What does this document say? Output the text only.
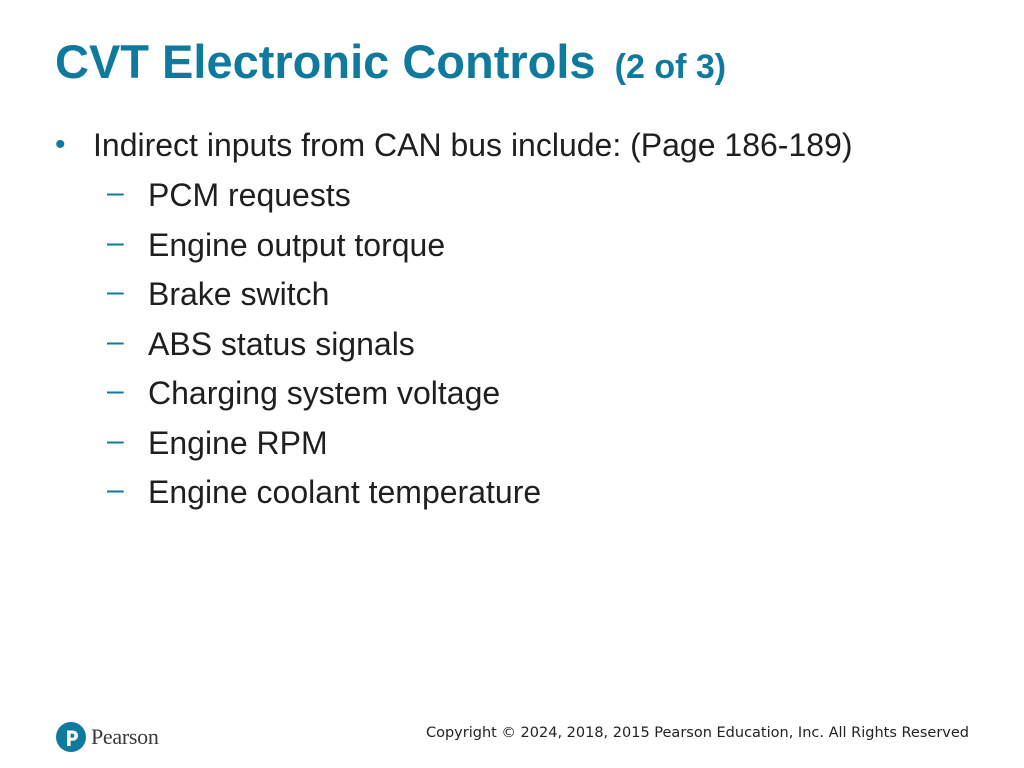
CVT Electronic Controls (2 of 3)
• Indirect inputs from CAN bus include: (Page 186-189)
– PCM requests
– Engine output torque
– Brake switch
– ABS status signals
– Charging system voltage
– Engine RPM
– Engine coolant temperature
Pearson	Copyright © 2024, 2018, 2015 Pearson Education, Inc. All Rights Reserved
